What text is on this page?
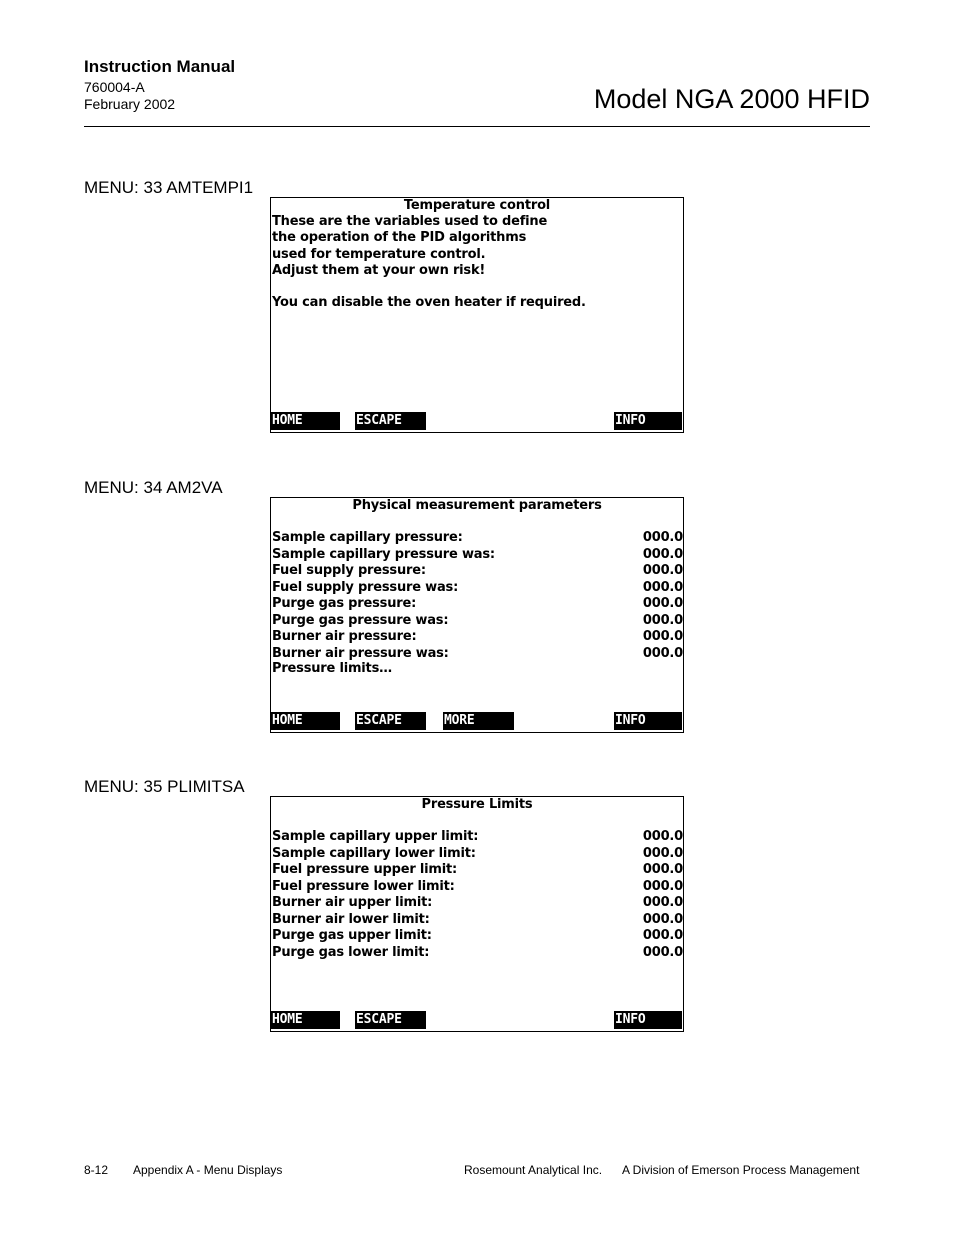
Instruction Manual
760004-A
February 2002	Model NGA 2000 HFID
MENU: 33 AMTEMPI1
Temperature control
These are the variables used to define
the operation of the PID algorithms
used for temperature control.
Adjust them at your own risk!
You can disable the oven heater if required.
HOME	ESCAPE	INFO
MENU: 34 AM2VA
Physical measurement parameters
Sample capillary pressure:	000.0
Sample capillary pressure was:	000.0
Fuel supply pressure:	000.0
Fuel supply pressure was:	000.0
Purge gas pressure:	000.0
Purge gas pressure was:	000.0
Burner air pressure:	000.0
Burner air pressure was:	000.0
Pressure limits…
HOME	ESCAPE	MORE	INFO
MENU: 35 PLIMITSA
Pressure Limits
Sample capillary upper limit:	000.0
Sample capillary lower limit:	000.0
Fuel pressure upper limit:	000.0
Fuel pressure lower limit:	000.0
Burner air upper limit:	000.0
Burner air lower limit:	000.0
Purge gas upper limit:	000.0
Purge gas lower limit:	000.0
HOME	ESCAPE	INFO
8-12 Appendix A - Menu Displays	Rosemount Analytical Inc. A Division of Emerson Process Management
